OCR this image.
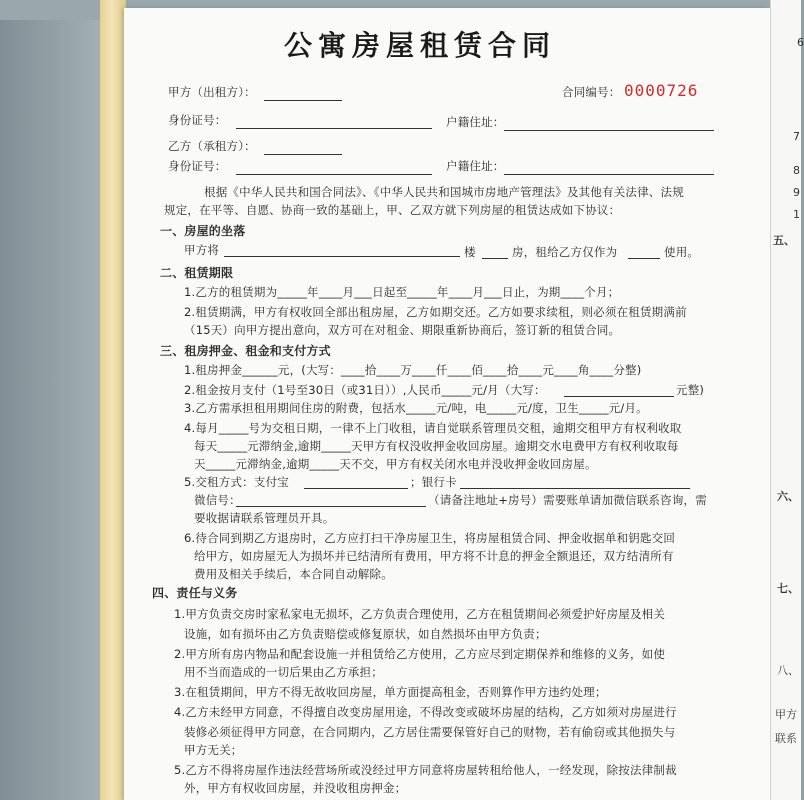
6
五、
7
8
9
1
六、
七、
八、
甲方
联系
公寓房屋租赁合同
甲方（出租方）：	合同编号： 0000726
身份证号：	户籍住址：
乙方（承租方）：
身份证号：	户籍住址：
根据《中华人民共和国合同法》、《中华人民共和国城市房地产管理法》及其他有关法律、法规
规定，在平等、自愿、协商一致的基础上，甲、乙双方就下列房屋的租赁达成如下协议：
一、房屋的坐落
甲方将	楼	房，租给乙方仅作为	使用。
二、租赁期限
1.乙方的租赁期为_____年____月___日起至_____年____月___日止，为期____个月；
2.租赁期满，甲方有权收回全部出租房屋，乙方如期交还。乙方如要求续租，则必须在租赁期满前
（15天）向甲方提出意向，双方可在对租金、期限重新协商后，签订新的租赁合同。
三、租房押金、租金和支付方式
1.租房押金______元，(大写：____拾____万____仟____佰____拾____元____角____分整)
2.租金按月支付（1号至30日（或31日））,人民币_____元/月（大写：	元整)
3.乙方需承担租用期间住房的附费，包括水_____元/吨，电_____元/度，卫生_____元/月。
4.每月_____号为交租日期，一律不上门收租，请自觉联系管理员交租，逾期交租甲方有权利收取
每天_____元滞纳金,逾期_____天甲方有权没收押金收回房屋。逾期交水电费甲方有权利收取每
天_____元滞纳金,逾期_____天不交，甲方有权关闭水电并没收押金收回房屋。
5.交租方式：支付宝	；银行卡
微信号：	（请备注地址+房号）需要账单请加微信联系咨询，需
要收据请联系管理员开具。
6.待合同到期乙方退房时，乙方应打扫干净房屋卫生，将房屋租赁合同、押金收据单和钥匙交回
给甲方，如房屋无人为损坏并已结清所有费用，甲方将不计息的押金全额退还，双方结清所有
费用及相关手续后，本合同自动解除。
四、责任与义务
1.甲方负责交房时家私家电无损坏，乙方负责合理使用，乙方在租赁期间必须爱护好房屋及相关
设施，如有损坏由乙方负责赔偿或修复原状，如自然损坏由甲方负责；
2.甲方所有房内物品和配套设施一并租赁给乙方使用，乙方应尽到定期保养和维修的义务，如使
用不当而造成的一切后果由乙方承担；
3.在租赁期间，甲方不得无故收回房屋，单方面提高租金，否则算作甲方违约处理；
4.乙方未经甲方同意，不得擅自改变房屋用途，不得改变或破坏房屋的结构，乙方如须对房屋进行
装修必须征得甲方同意，在合同期内，乙方居住需要保管好自己的财物，若有偷窃或其他损失与
甲方无关；
5.乙方不得将房屋作违法经营场所或没经过甲方同意将房屋转租给他人，一经发现，除按法律制裁
外，甲方有权收回房屋，并没收租房押金；
